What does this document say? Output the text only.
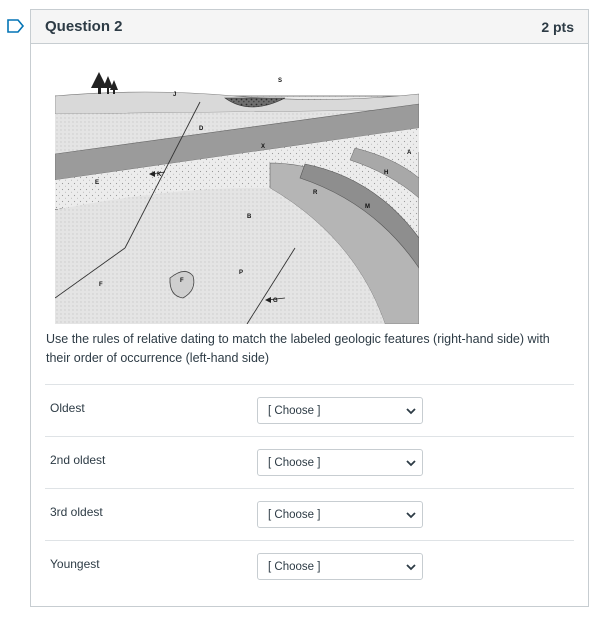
Question 2	2 pts
S
J
D
X
A
K
E
H
R
M
B
F
F
P
G
Use the rules of relative dating to match the labeled geologic features (right-hand side) with their order of occurrence (left-hand side)
Oldest	[ Choose ]
2nd oldest	[ Choose ]
3rd oldest	[ Choose ]
Youngest	[ Choose ]
